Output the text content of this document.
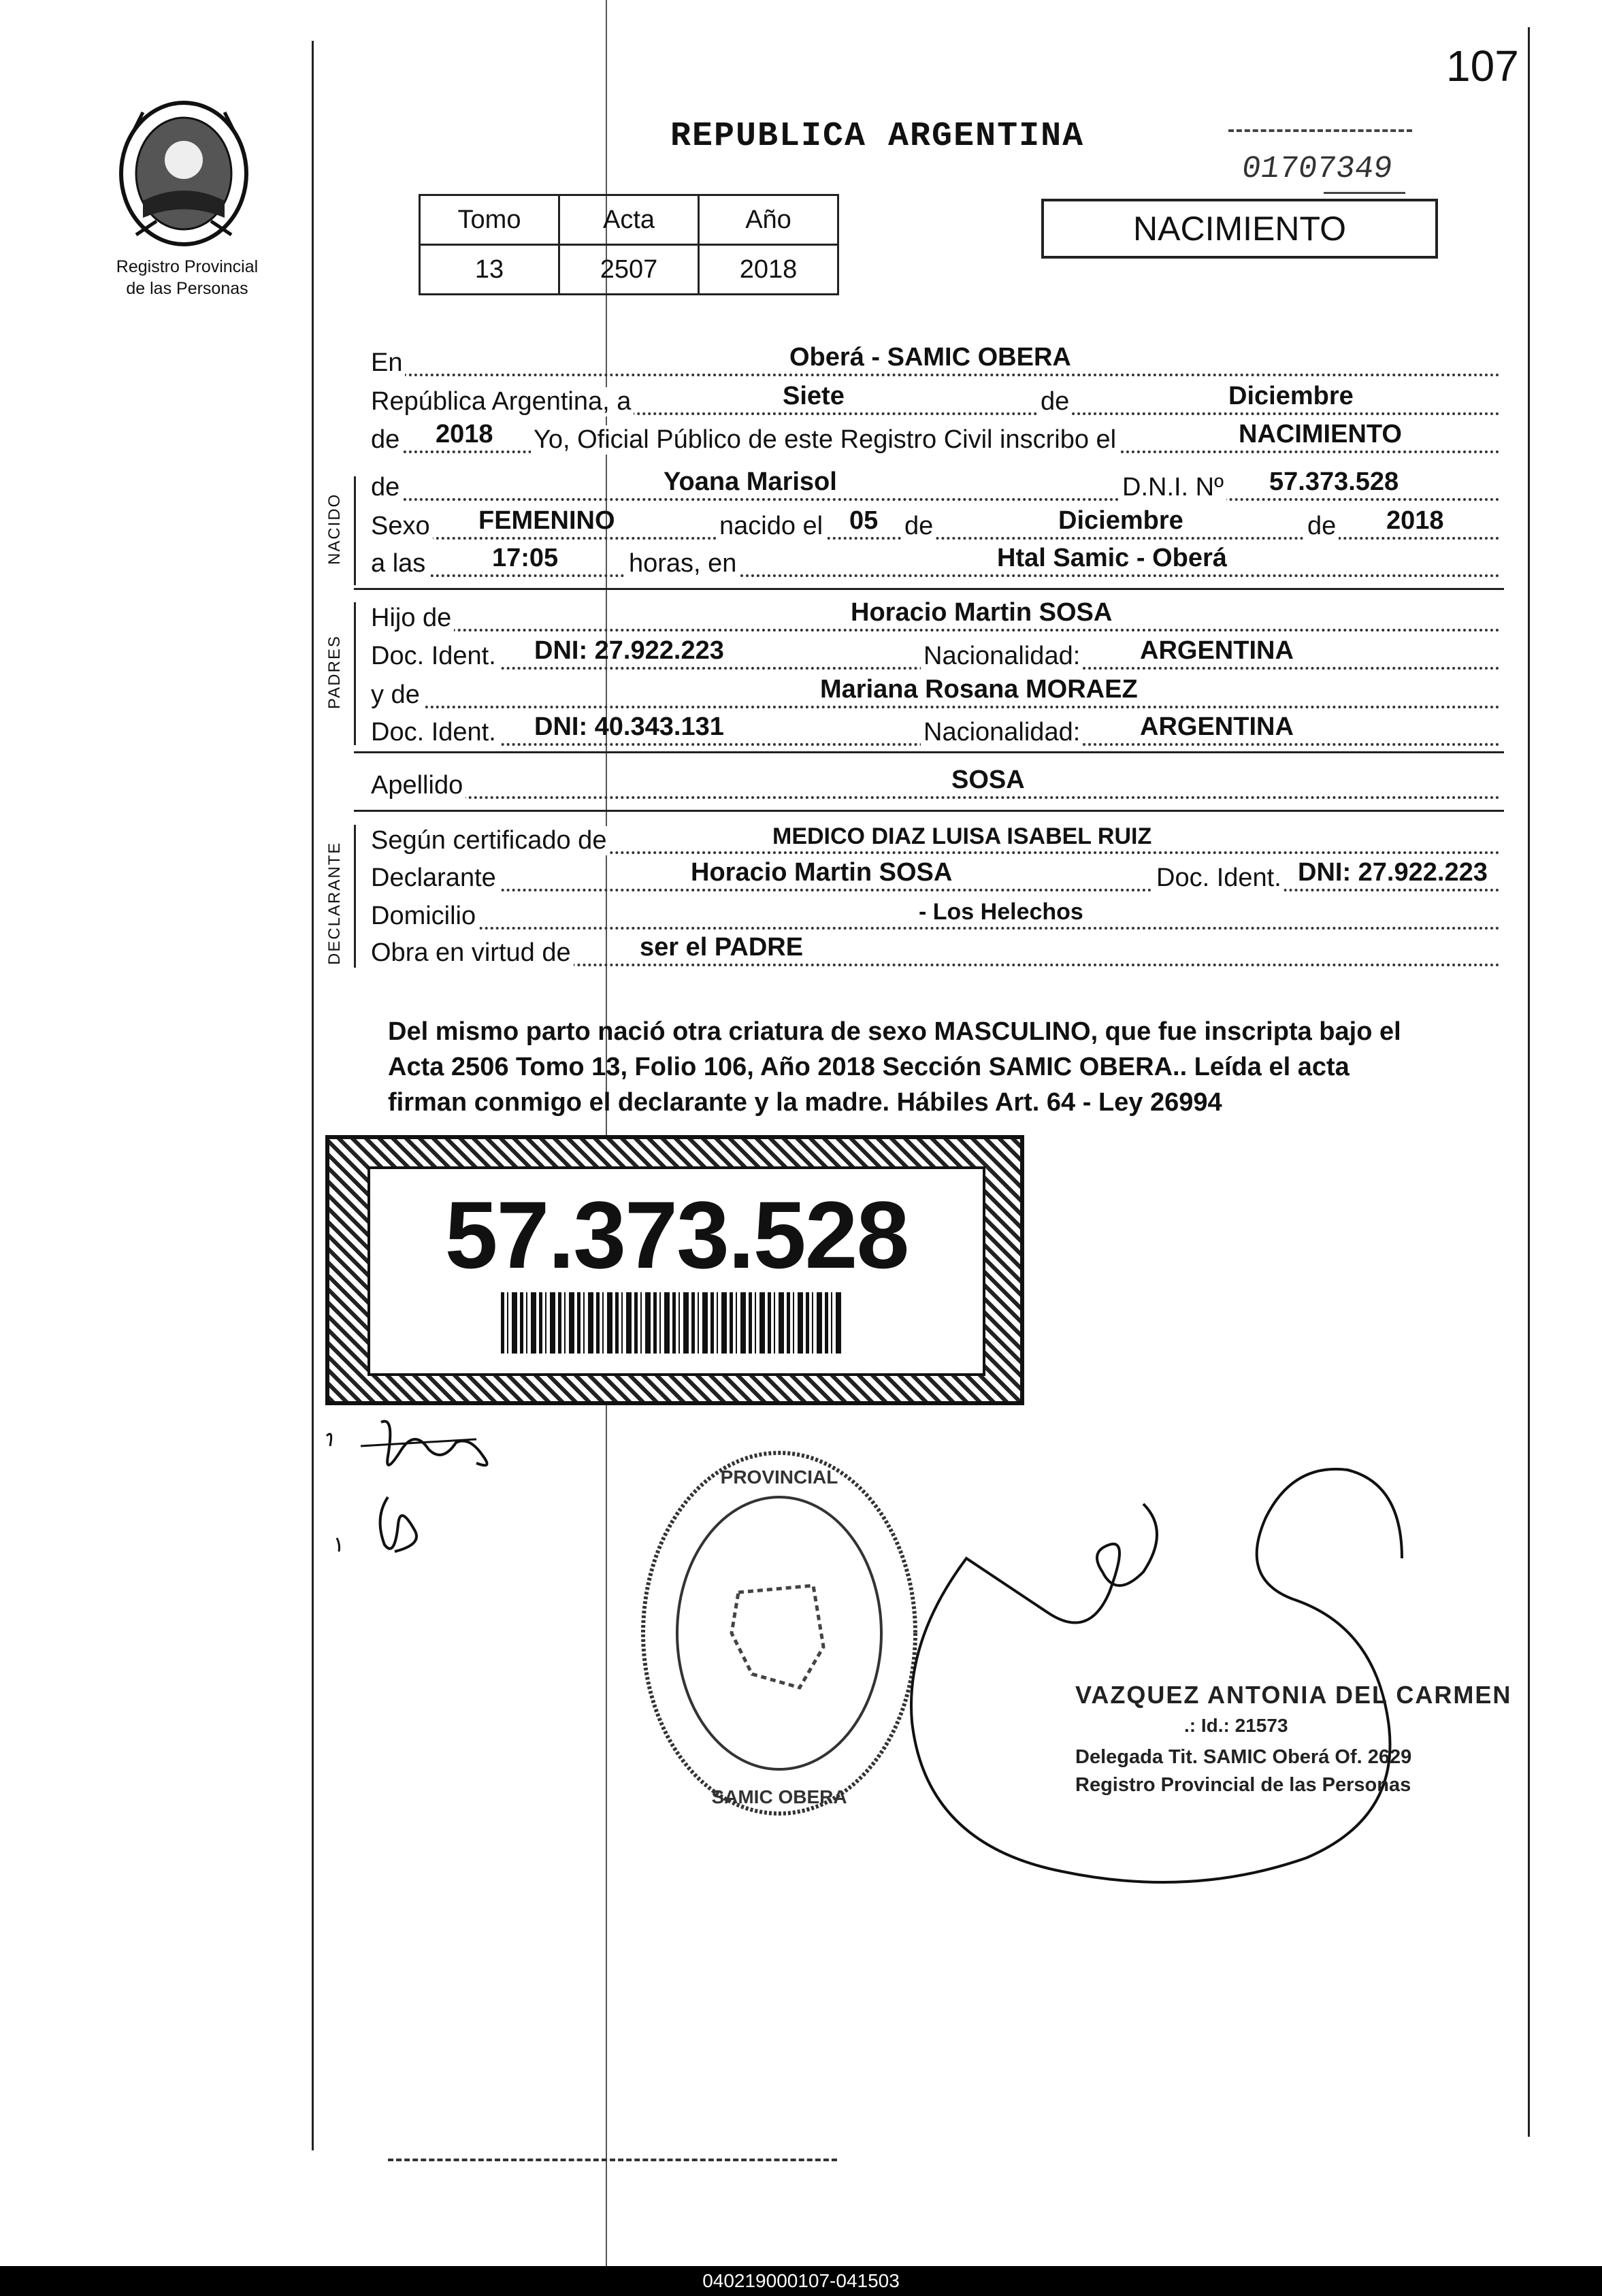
107
Registro Provincial
de las Personas
REPUBLICA ARGENTINA
01707349
NACIMIENTO
Tomo	Acta	Año
13	2507	2018
En	Oberá - SAMIC OBERA
República Argentina, a	Siete	de	Diciembre
de 2018 Yo, Oficial Público de este Registro Civil inscribo el	NACIMIENTO
NACIDO
de	Yoana Marisol	D.N.I. Nº 57.373.528
Sexo FEMENINO	nacido el 05 de	Diciembre	de 2018
a las	17:05	horas, en	Htal Samic - Oberá
PADRES
Hijo de	Horacio Martin SOSA
Doc. Ident. DNI: 27.922.223	Nacionalidad: ARGENTINA
y de	Mariana Rosana MORAEZ
Doc. Ident. DNI: 40.343.131	Nacionalidad: ARGENTINA
Apellido	SOSA
DECLARANTE
Según certificado de	MEDICO DIAZ LUISA ISABEL RUIZ
Declarante	Horacio Martin SOSA	Doc. Ident. DNI: 27.922.223
Domicilio	- Los Helechos
Obra en virtud de	ser el PADRE
Del mismo parto nació otra criatura de sexo MASCULINO, que fue inscripta bajo el
Acta 2506 Tomo 13, Folio 106, Año 2018 Sección SAMIC OBERA.. Leída el acta
firman conmigo el declarante y la madre. Hábiles Art. 64 - Ley 26994
57.373.528
PROVINCIAL
SAMIC OBERA
VAZQUEZ ANTONIA DEL CARMEN
.: Id.: 21573
Delegada Tit. SAMIC Oberá Of. 2629
Registro Provincial de las Personas
040219000107-041503
